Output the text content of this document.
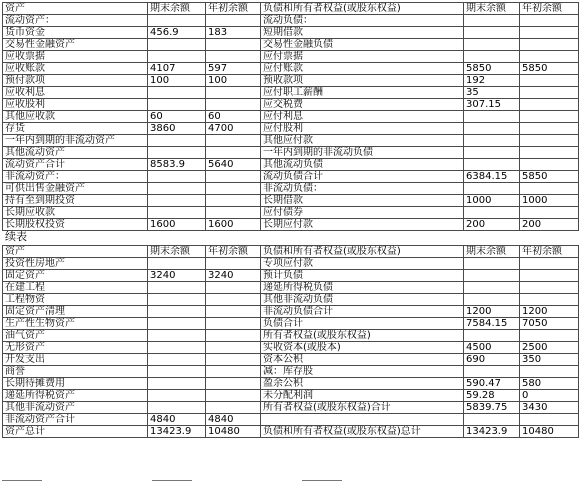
资产	期末余额	年初余额	负债和所有者权益(或股东权益)	期末余额	年初余额
流动资产：			流动负债：		
货币资金	456.9	183	短期借款		
交易性金融资产			交易性金融负债		
应收票据			应付票据		
应收账款	4107	597	应付账款	5850	5850
预付款项	100	100	预收款项	192	
应收利息			应付职工薪酬	35	
应收股利			应交税费	307.15	
其他应收款	60	60	应付利息		
存货	3860	4700	应付股利		
一年内到期的非流动资产			其他应付款		
其他流动资产			一年内到期的非流动负债		
流动资产合计	8583.9	5640	其他流动负债		
非流动资产：			流动负债合计	6384.15	5850
可供出售金融资产			非流动负债：		
持有至到期投资			长期借款	1000	1000
长期应收款			应付债券		
长期股权投资	1600	1600	长期应付款	200	200
续表
资产	期末余额	年初余额	负债和所有者权益(或股东权益)	期末余额	年初余额
投资性房地产			专项应付款		
固定资产	3240	3240	预计负债		
在建工程			递延所得税负债		
工程物资			其他非流动负债		
固定资产清理			非流动负债合计	1200	1200
生产性生物资产			负债合计	7584.15	7050
油气资产			所有者权益(或股东权益)		
无形资产			实收资本(或股本)	4500	2500
开发支出			资本公积	690	350
商誉			减：库存股		
长期待摊费用			盈余公积	590.47	580
递延所得税资产			未分配利润	59.28	0
其他非流动资产			所有者权益(或股东权益)合计	5839.75	3430
非流动资产合计	4840	4840			
资产总计	13423.9	10480	负债和所有者权益(或股东权益)总计	13423.9	10480
